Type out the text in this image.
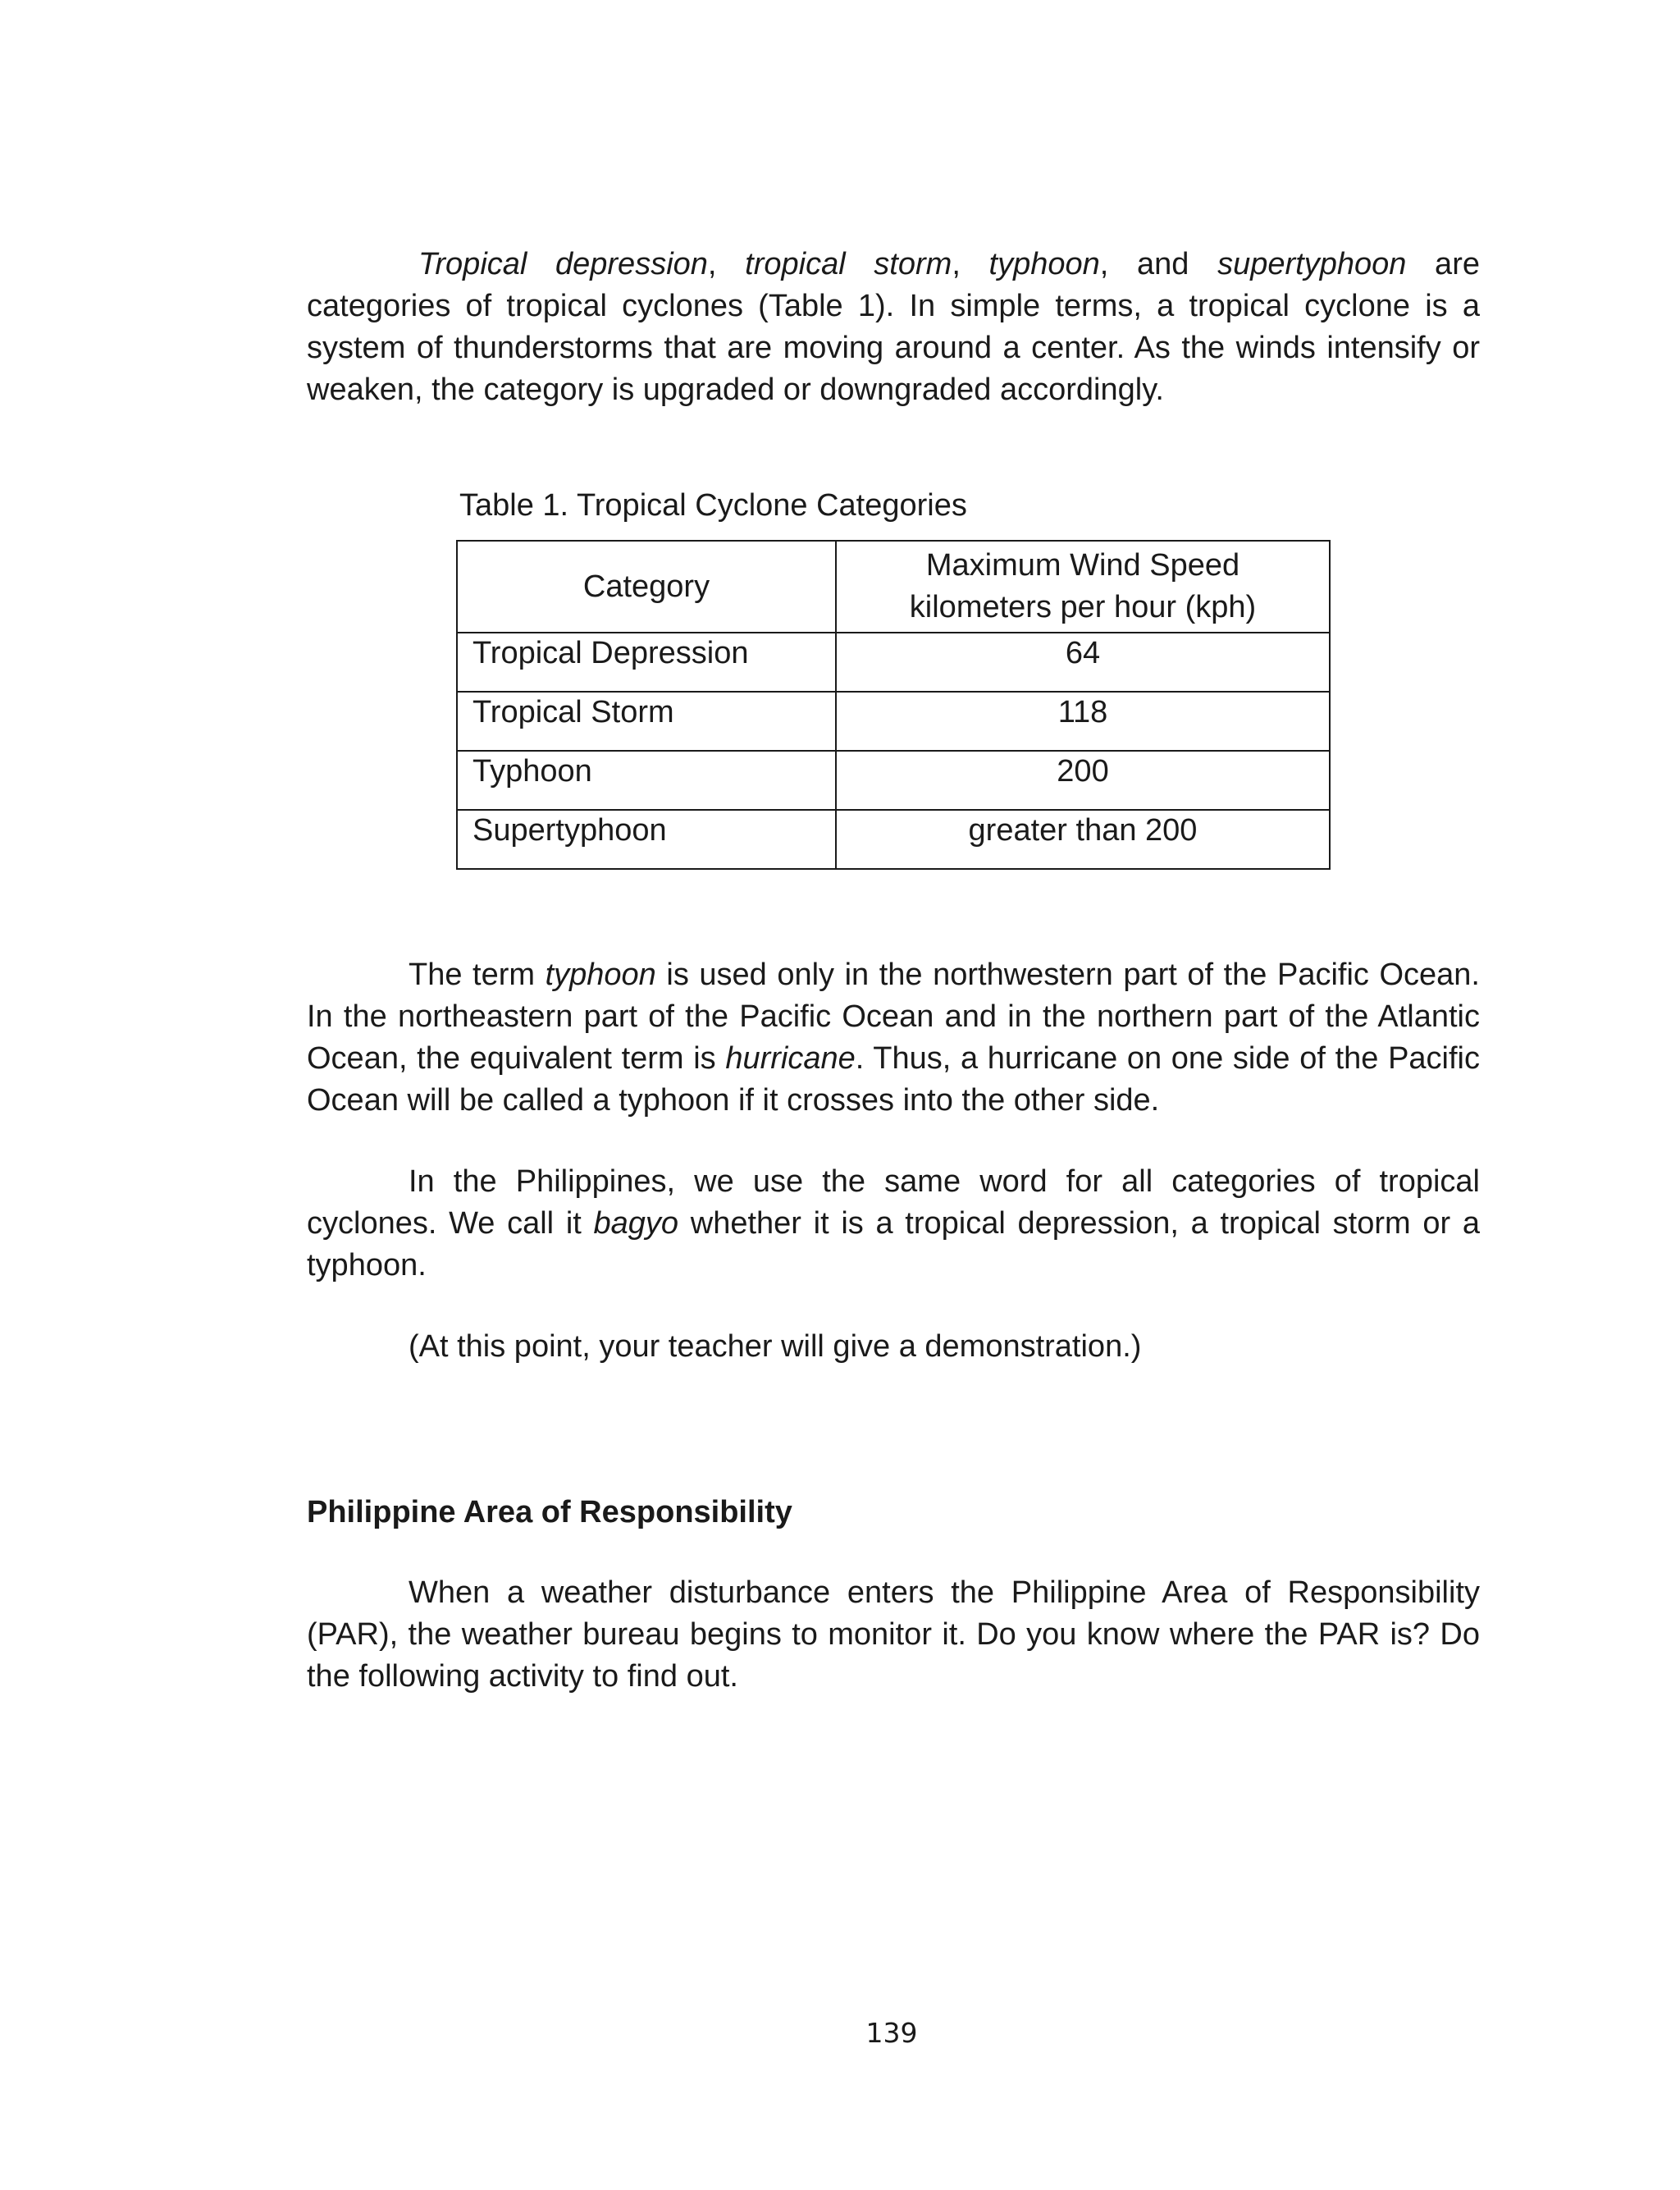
Tropical depression, tropical storm, typhoon, and supertyphoon are categories of tropical cyclones (Table 1). In simple terms, a tropical cyclone is a system of thunderstorms that are moving around a center. As the winds intensify or weaken, the category is upgraded or downgraded accordingly.

Table 1. Tropical Cyclone Categories

Category	Maximum Wind Speed
kilometers per hour (kph)
Tropical Depression	64
Tropical Storm	118
Typhoon	200
Supertyphoon	greater than 200

The term typhoon is used only in the northwestern part of the Pacific Ocean. In the northeastern part of the Pacific Ocean and in the northern part of the Atlantic Ocean, the equivalent term is hurricane. Thus, a hurricane on one side of the Pacific Ocean will be called a typhoon if it crosses into the other side.

In the Philippines, we use the same word for all categories of tropical cyclones. We call it bagyo whether it is a tropical depression, a tropical storm or a typhoon.

(At this point, your teacher will give a demonstration.)

Philippine Area of Responsibility

When a weather disturbance enters the Philippine Area of Responsibility (PAR), the weather bureau begins to monitor it. Do you know where the PAR is? Do the following activity to find out.

139
